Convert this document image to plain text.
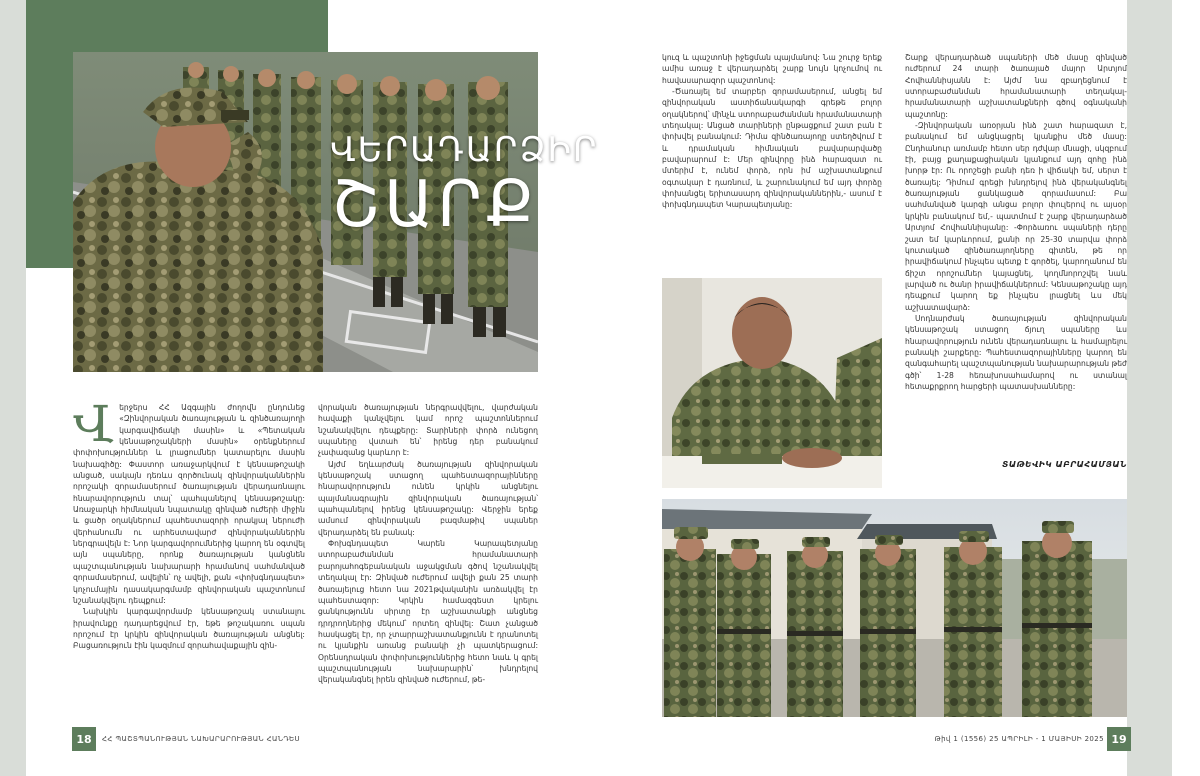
ՎԵՐԱԴԱՐՁԻՐ
ՇԱՐՔ
Վ երջերս ՀՀ Ազգային ժողովն ընդունեց «Զինվորական ծառայության և զինծառայողի կարգավիճակի մասին» և «Պետական կենսաթոշակների մասին» օրենքներում փոփոխություններ և լրացումներ կատարելու մասին նախագիծը: Փաստոր առաջարկվում է կենսաթոշակի անցած, սակայն դեռևս զործունակ զինվորականներին որոշակի զորամասերում ծառայության վերադառնալու հնարավորություն տալ՝ պահպանելով կենսաթոշակը: Առաջարկի հիմնական նպատակը զինված ուժերի միջին և ցածր օղակներում պահեստազորի որակյալ ներուժի վերհանումն ու արհեստավարժ զինվորականներին ներգրավելն է: Նոր կարգավորումներից կարող են օգտվել այն սպաները, որոնք ծառայության կանցնեն պաշտպանության նախարարի հրամանով սահմանված զորամասերում, ավելին՝ ոչ ավելի, քան «փոխգնդապետ» կոչումային դասակարգմամբ զինվորական պաշտոնում նշանակվելու դեպքում:

Նախկին կարգավորմամբ կենսաթոշակ ստանալու իրավունքը դադարեցվում էր, եթե թոշակառու սպան որոշում էր կրկին զինվորական ծառայության անցնել: Բացառություն էին կազմում զորահավաքային զին-

վորական ծառայության ներգրավվելու, վարժական հավաքի կանչվելու կամ որոշ պաշտոններում նշանակվելու դեպքերը: Տարիների փորձ ունեցող սպաները վստահ են՝ իրենց դեր բանակում չափազանց կարևոր է:

Այժմ եղևարժակ ծառայության զինվորական կենսաթոշակ ստացող պահեստազորայինները հնարավորություն ունեն կրկին անցնելու պայմանագրային զինվորական ծառայության՝ պահպանելով իրենց կենսաթոշակը: Վերջին երեք ամսում զինվորական բազմաթիվ սպաներ վերադարձել են բանակ:

Փոխգնդապետ Կարեն Կարապետյանը ստորաբաժանման հրամանատարի բարոյահոգեբանական աջակցման գծով նշանակվել տեղակալ էր: Զինված ուժերում ավելի քան 25 տարի ծառայելուց հետո նա 2021թվականին առձակվել էր պահեստազոր: Կրկին համազգեստ կրելու ցանկությունն սիրտը էր աշխատանքի անցնեց դրդրողներից մեկում՝ որտեղ զինվել: Շատ չանցած հասկացել էր, որ չտարրաշխատանքյունն է դրանոտել ու կյանքին առանց բանակի չի պատկերացում: Օրենսդրական փոփոխություններից հետո նաև կ գրել պաշտպանության նախարարին՝ խնդրելով վերականգնել իրեն զինված ուժերում, թե-

կուզ և պաշտոնի իջեցման պայմանով: Նա շուրջ երեք ամիս առաջ է վերադարձել շարք նույն կոչումով ու հավասարազոր պաշտոնով:

-Ծառայել եմ տարբեր զորամասերում, անցել եմ զինվորական աստիճանակարգի գրեթե բոլոր օղակներով՝ մինչև ստորաբաժանման հրամանատարի տեղակալ: Անցած տարիների ընթացքում շատ բան է փոխվել բանակում: Դիմա զինծառայողը ստեղծվում է և դրամական հիմնական բավարարվածը բավարարում է: Մեր զինվորը ինձ հարազատ ու մտերիմ է, ունեմ փորձ, որն իմ աշխատանքում օգտակար է դառնում, և շարունակում եմ այդ փորձը փոխանցել երիտասարդ զինվորականներին,- ասում է փոխգնդապետ Կարապետյանը:

Շարք վերադարձած սպաների մեծ մասը զինված ուժերում 24 տարի ծառայած մայոր Արտյոմ Հովհաննիսյանն է: Այժմ նա զբաղեցնում է ստորաբաժանման հրամանատարի տեղակալ-հրամանատարի աշխատանքների գծով օգնականի պաշտոնը:

-Զինվորական առօրյան ինձ շատ հարազատ է, բանակում եմ անցկացրել կյանքիս մեծ մասը: Ընդհանուր առմամբ հետո սեր դժվար մնացի, սկզբում էի, բայց քաղաքացիական կյանքում այդ զոհը ինձ խորթ էր: Ու որոշեցի բանի դեռ ի վիճակի եմ, սերտ է ծառայել: Դիմում գրեցի խնդրելով ինձ վերականգնել ծառայության ցանկացած զորամասում: Բա սահմանված կարգի անցա բոլոր փուլերով ու այսօր կրկին բանակում եմ,- պատմում է շարք վերադարձած Արտյոմ Հովհաննիսյանը: -Փորձառու սպաների դերը շատ եմ կարևորում, քանի որ 25-30 տարվա փորձ կուտակած զինծառայողները գիտեն, թե որ իրավիճակում ինչպես պետք է գործել, կարողանում են ճիշտ որոշումներ կայացնել, կողմնորոշվել նաև լարված ու ծանր իրավիճակներում: Կենսաթոշակը այդ դեպքում կարող եք ինչպես լրացնել ևս մեկ աշխատավարձ:

Սոդնարժակ ծառայության զինվորական կենսաթոշակ ստացող ճյուղ սպաները ևս հնարավորություն ունեն վերադառնալու և համալրելու բանակի շարքերը: Պահեստազորայինները կարող են զանգահարել պաշտպանության նախարարության թեժ գծի՝ 1-28 հեռախոսահամարով ու ստանալ հետաքրքրող հարցերի պատասխանները:

ՏԱԹԵՎԻԿ ԱԲՐԱՀԱՄՅԱՆ
18	ՀՀ ՊԱՇՏՊԱՆՈՒԹՅԱՆ ՆԱԽԱՐԱՐՈՒԹՅԱՆ ՀԱՆԴԵՍ	Թիվ 1 (1556) 25 ԱՊՐԻԼԻ - 1 ՄԱՅԻՍԻ 2025 19
